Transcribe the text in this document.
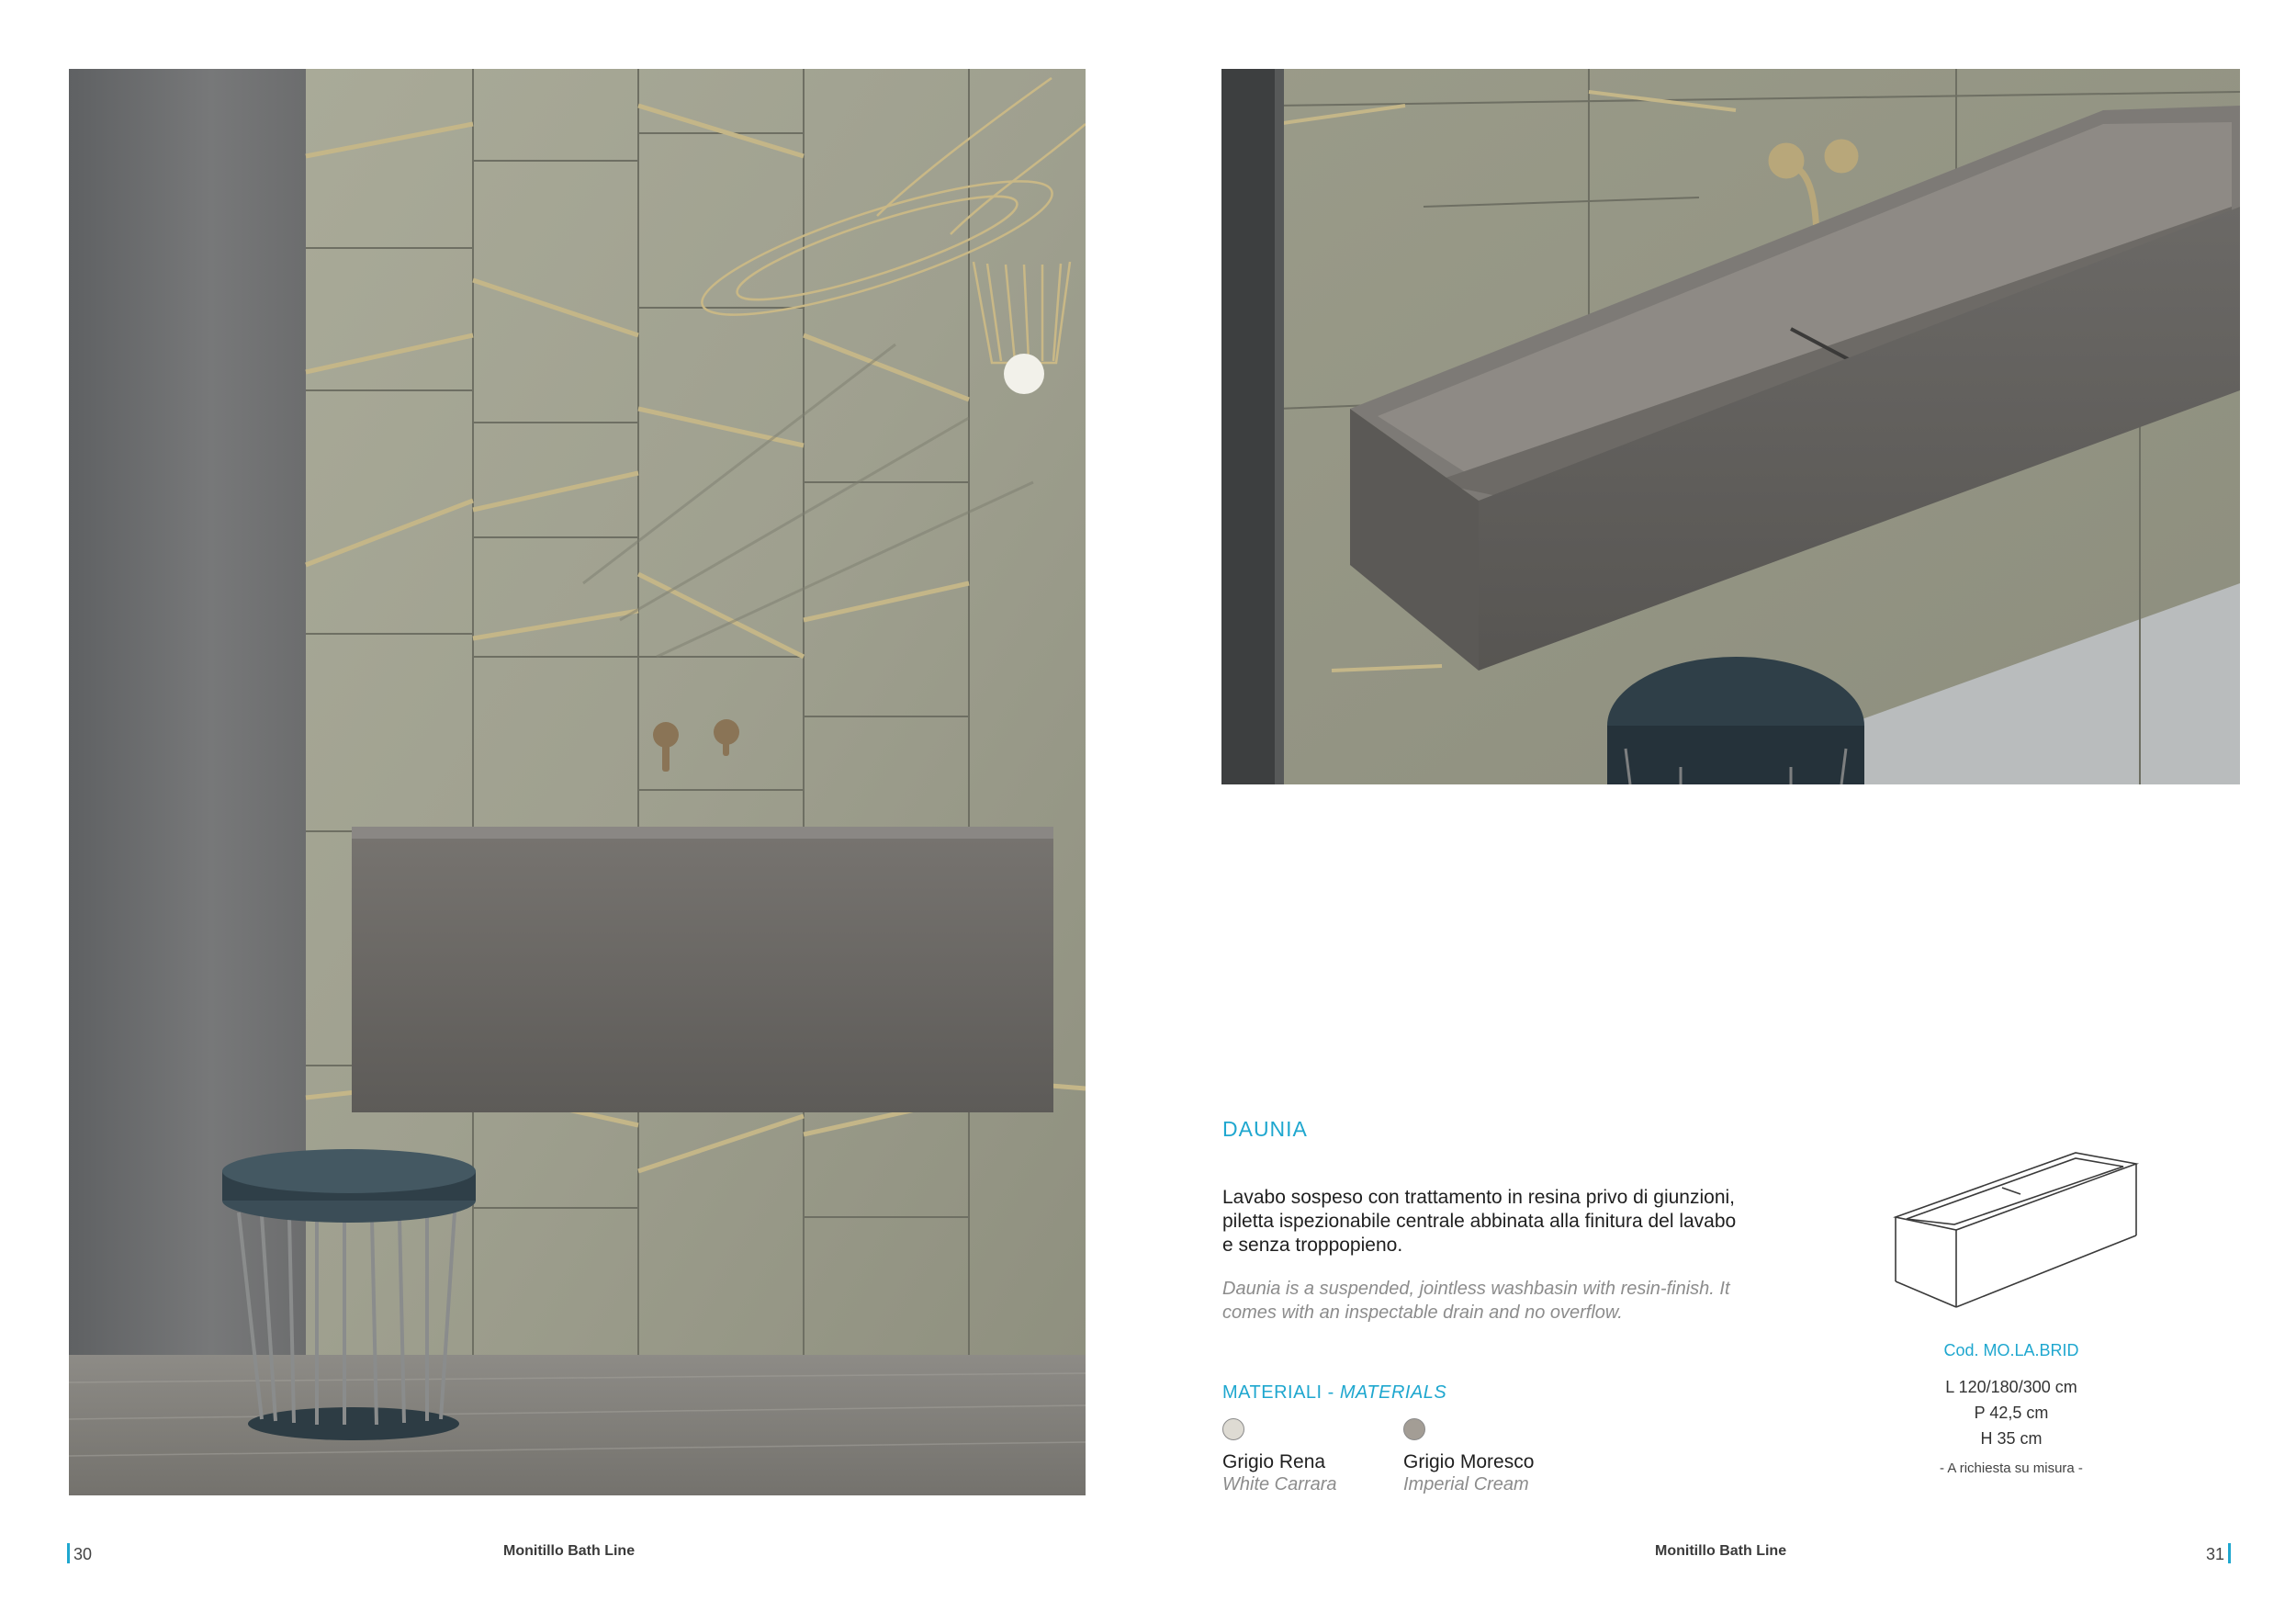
DAUNIA
Lavabo sospeso con trattamento in resina privo di giunzioni, piletta ispezionabile centrale abbinata alla finitura del lavabo e senza troppopieno.
Daunia is a suspended, jointless washbasin with resin-finish. It comes with an inspectable drain and no overflow.
MATERIALI - MATERIALS
Grigio Rena
White Carrara
Grigio Moresco
Imperial Cream
Cod. MO.LA.BRID
L 120/180/300 cm
P 42,5 cm
H 35 cm
- A richiesta su misura -
30	Monitillo Bath Line	Monitillo Bath Line	31
